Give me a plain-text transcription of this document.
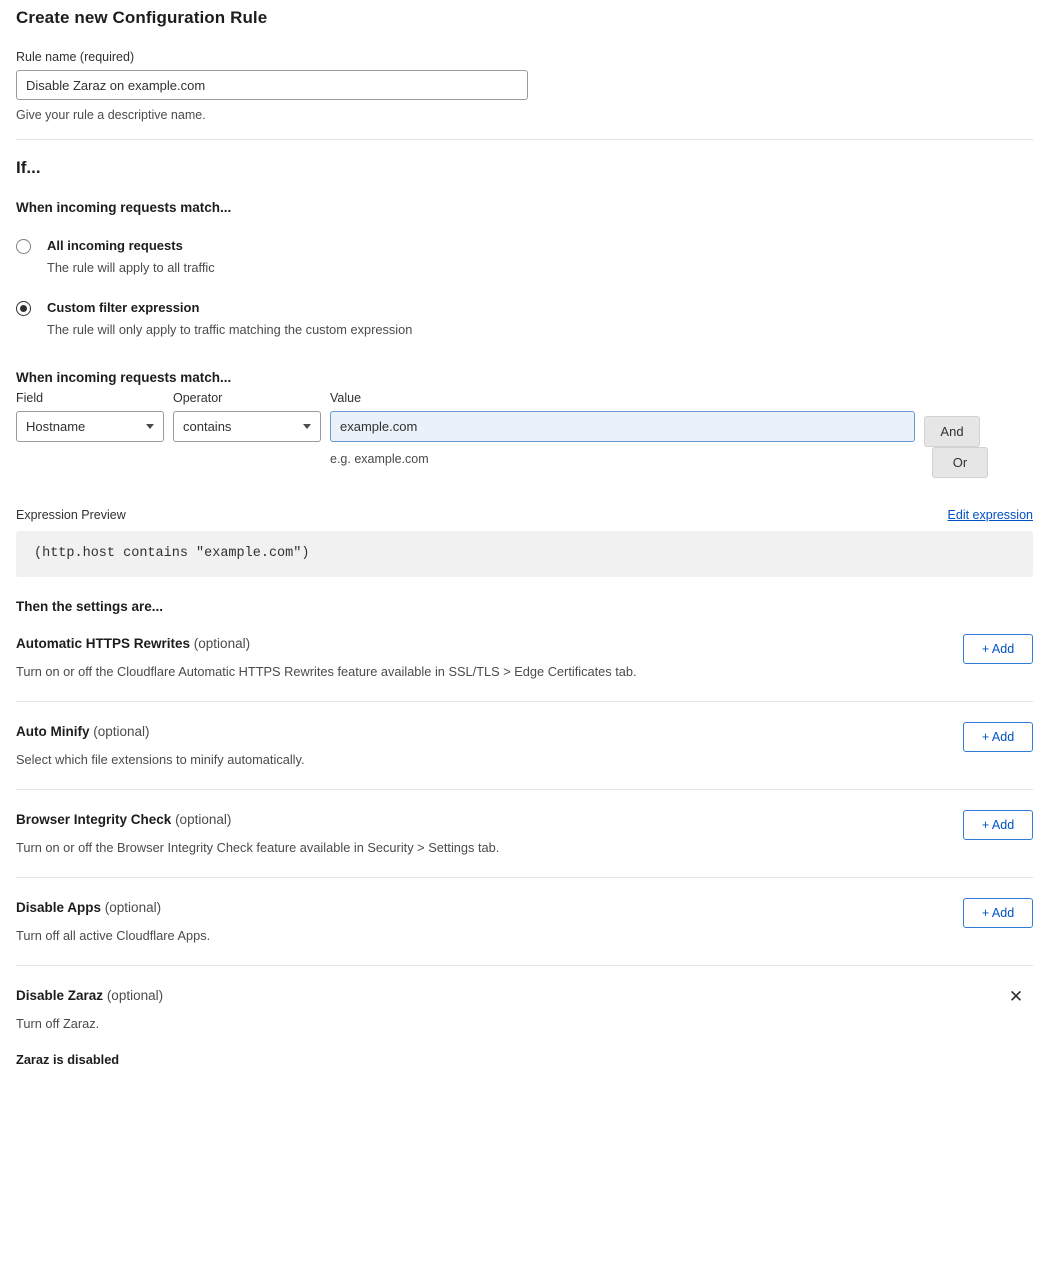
Create new Configuration Rule
Rule name (required)
Disable Zaraz on example.com
Give your rule a descriptive name.
If...
When incoming requests match...
All incoming requests
The rule will apply to all traffic
Custom filter expression
The rule will only apply to traffic matching the custom expression
When incoming requests match...
Field
Hostname
Operator
contains
Value
example.com
e.g. example.com
And Or
Expression Preview	Edit expression
(http.host contains "example.com")
Then the settings are...
Automatic HTTPS Rewrites (optional)
Turn on or off the Cloudflare Automatic HTTPS Rewrites feature available in SSL/TLS > Edge Certificates tab.
+ Add
Auto Minify (optional)
Select which file extensions to minify automatically.
+ Add
Browser Integrity Check (optional)
Turn on or off the Browser Integrity Check feature available in Security > Settings tab.
+ Add
Disable Apps (optional)
Turn off all active Cloudflare Apps.
+ Add
Disable Zaraz (optional)
Turn off Zaraz.
Zaraz is disabled
✕
